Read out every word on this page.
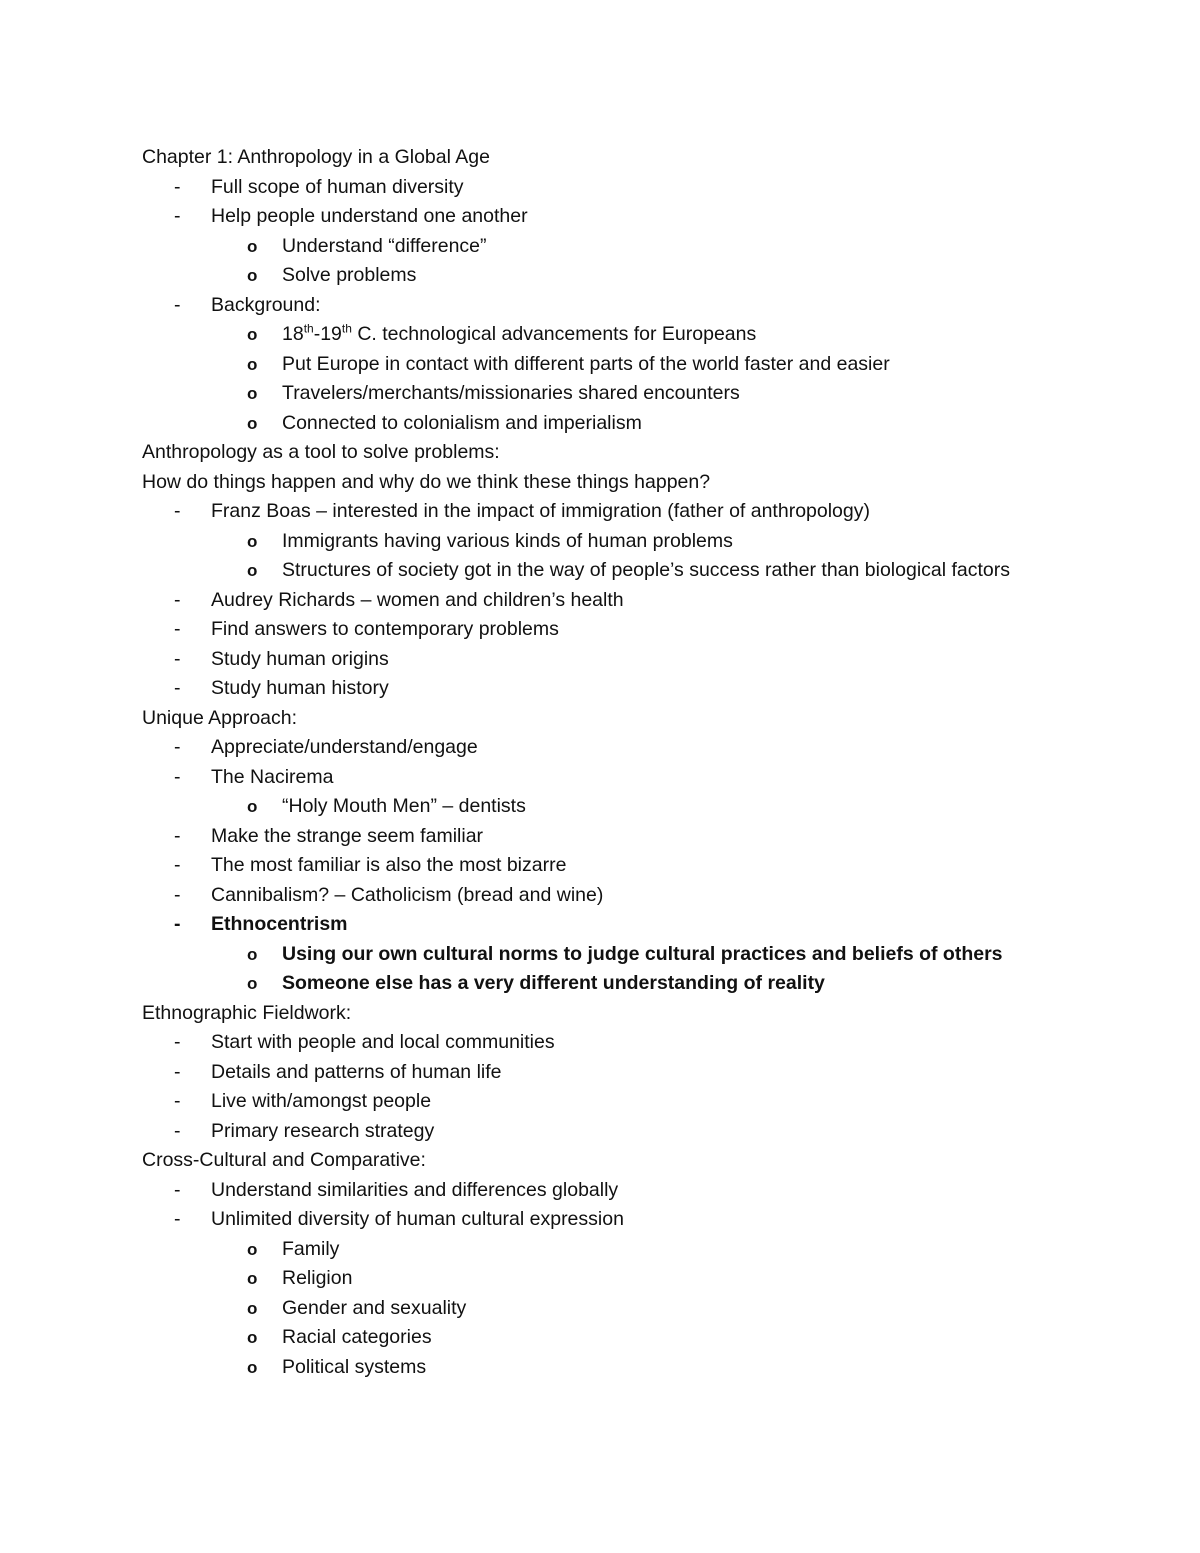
Chapter 1: Anthropology in a Global Age
-	Full scope of human diversity
-	Help people understand one another
o Understand “difference”
o Solve problems
-	Background:
o 18th-19th C. technological advancements for Europeans
o Put Europe in contact with different parts of the world faster and easier
o Travelers/merchants/missionaries shared encounters
o Connected to colonialism and imperialism
Anthropology as a tool to solve problems:
How do things happen and why do we think these things happen?
-	Franz Boas – interested in the impact of immigration (father of anthropology)
o Immigrants having various kinds of human problems
o Structures of society got in the way of people’s success rather than biological factors
-	Audrey Richards – women and children’s health
-	Find answers to contemporary problems
-	Study human origins
-	Study human history
Unique Approach:
-	Appreciate/understand/engage
-	The Nacirema
o “Holy Mouth Men” – dentists
-	Make the strange seem familiar
-	The most familiar is also the most bizarre
-	Cannibalism? – Catholicism (bread and wine)
-	Ethnocentrism
o Using our own cultural norms to judge cultural practices and beliefs of others
o Someone else has a very different understanding of reality
Ethnographic Fieldwork:
-	Start with people and local communities
-	Details and patterns of human life
-	Live with/amongst people
-	Primary research strategy
Cross-Cultural and Comparative:
-	Understand similarities and differences globally
-	Unlimited diversity of human cultural expression
o Family
o Religion
o Gender and sexuality
o Racial categories
o Political systems
